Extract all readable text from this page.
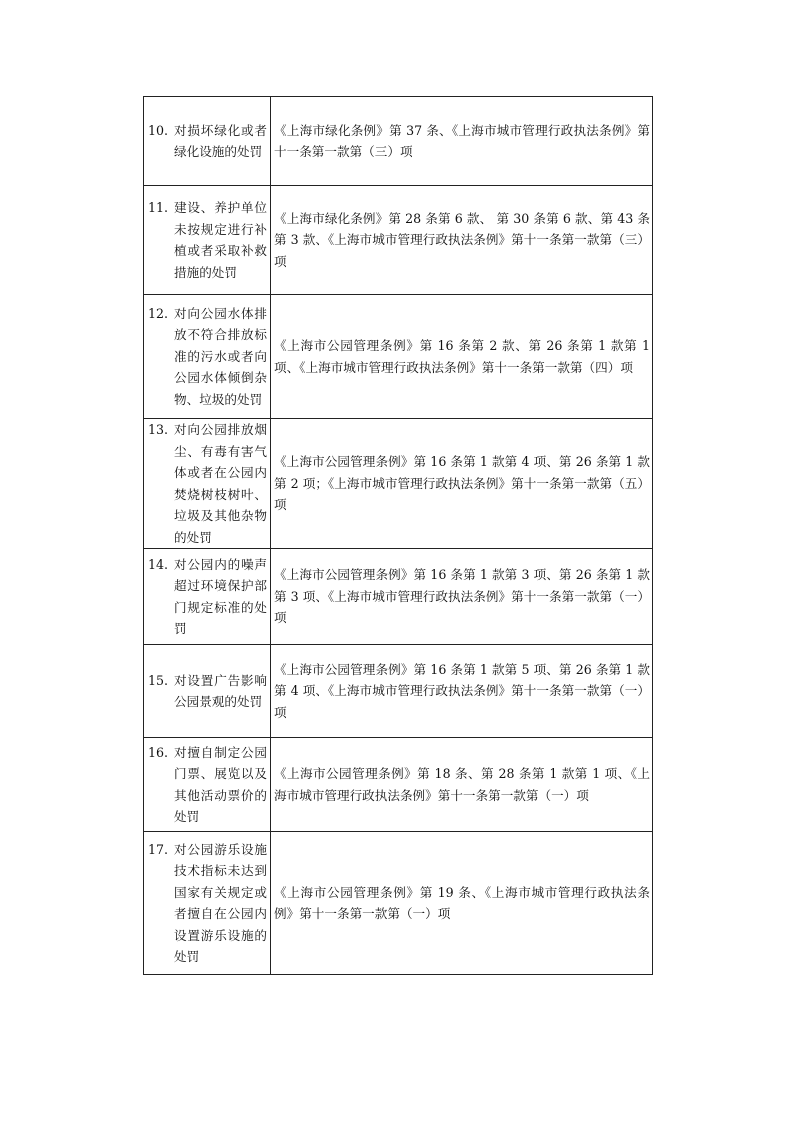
10. 对损坏绿化或者绿化设施的处罚	《上海市绿化条例》第 37 条、《上海市城市管理行政执法条例》第十一条第一款第（三）项

11. 建设、养护单位未按规定进行补植或者采取补救措施的处罚	《上海市绿化条例》第 28 条第 6 款、 第 30 条第 6 款、第 43 条第 3 款、《上海市城市管理行政执法条例》第十一条第一款第（三）项

12. 对向公园水体排放不符合排放标准的污水或者向公园水体倾倒杂物、垃圾的处罚	《上海市公园管理条例》第 16 条第 2 款、第 26 条第 1 款第 1 项、《上海市城市管理行政执法条例》第十一条第一款第（四）项

13. 对向公园排放烟尘、有毒有害气体或者在公园内焚烧树枝树叶、垃圾及其他杂物的处罚	《上海市公园管理条例》第 16 条第 1 款第 4 项、第 26 条第 1 款第 2 项；《上海市城市管理行政执法条例》第十一条第一款第（五）项

14. 对公园内的噪声超过环境保护部门规定标准的处罚	《上海市公园管理条例》第 16 条第 1 款第 3 项、第 26 条第 1 款第 3 项、《上海市城市管理行政执法条例》第十一条第一款第（一）项

15. 对设置广告影响公园景观的处罚	《上海市公园管理条例》第 16 条第 1 款第 5 项、第 26 条第 1 款第 4 项、《上海市城市管理行政执法条例》第十一条第一款第（一）项

16. 对擅自制定公园门票、展览以及其他活动票价的处罚	《上海市公园管理条例》第 18 条、第 28 条第 1 款第 1 项、《上海市城市管理行政执法条例》第十一条第一款第（一）项

17. 对公园游乐设施技术指标未达到国家有关规定或者擅自在公园内设置游乐设施的处罚	《上海市公园管理条例》第 19 条、《上海市城市管理行政执法条例》第十一条第一款第（一）项
